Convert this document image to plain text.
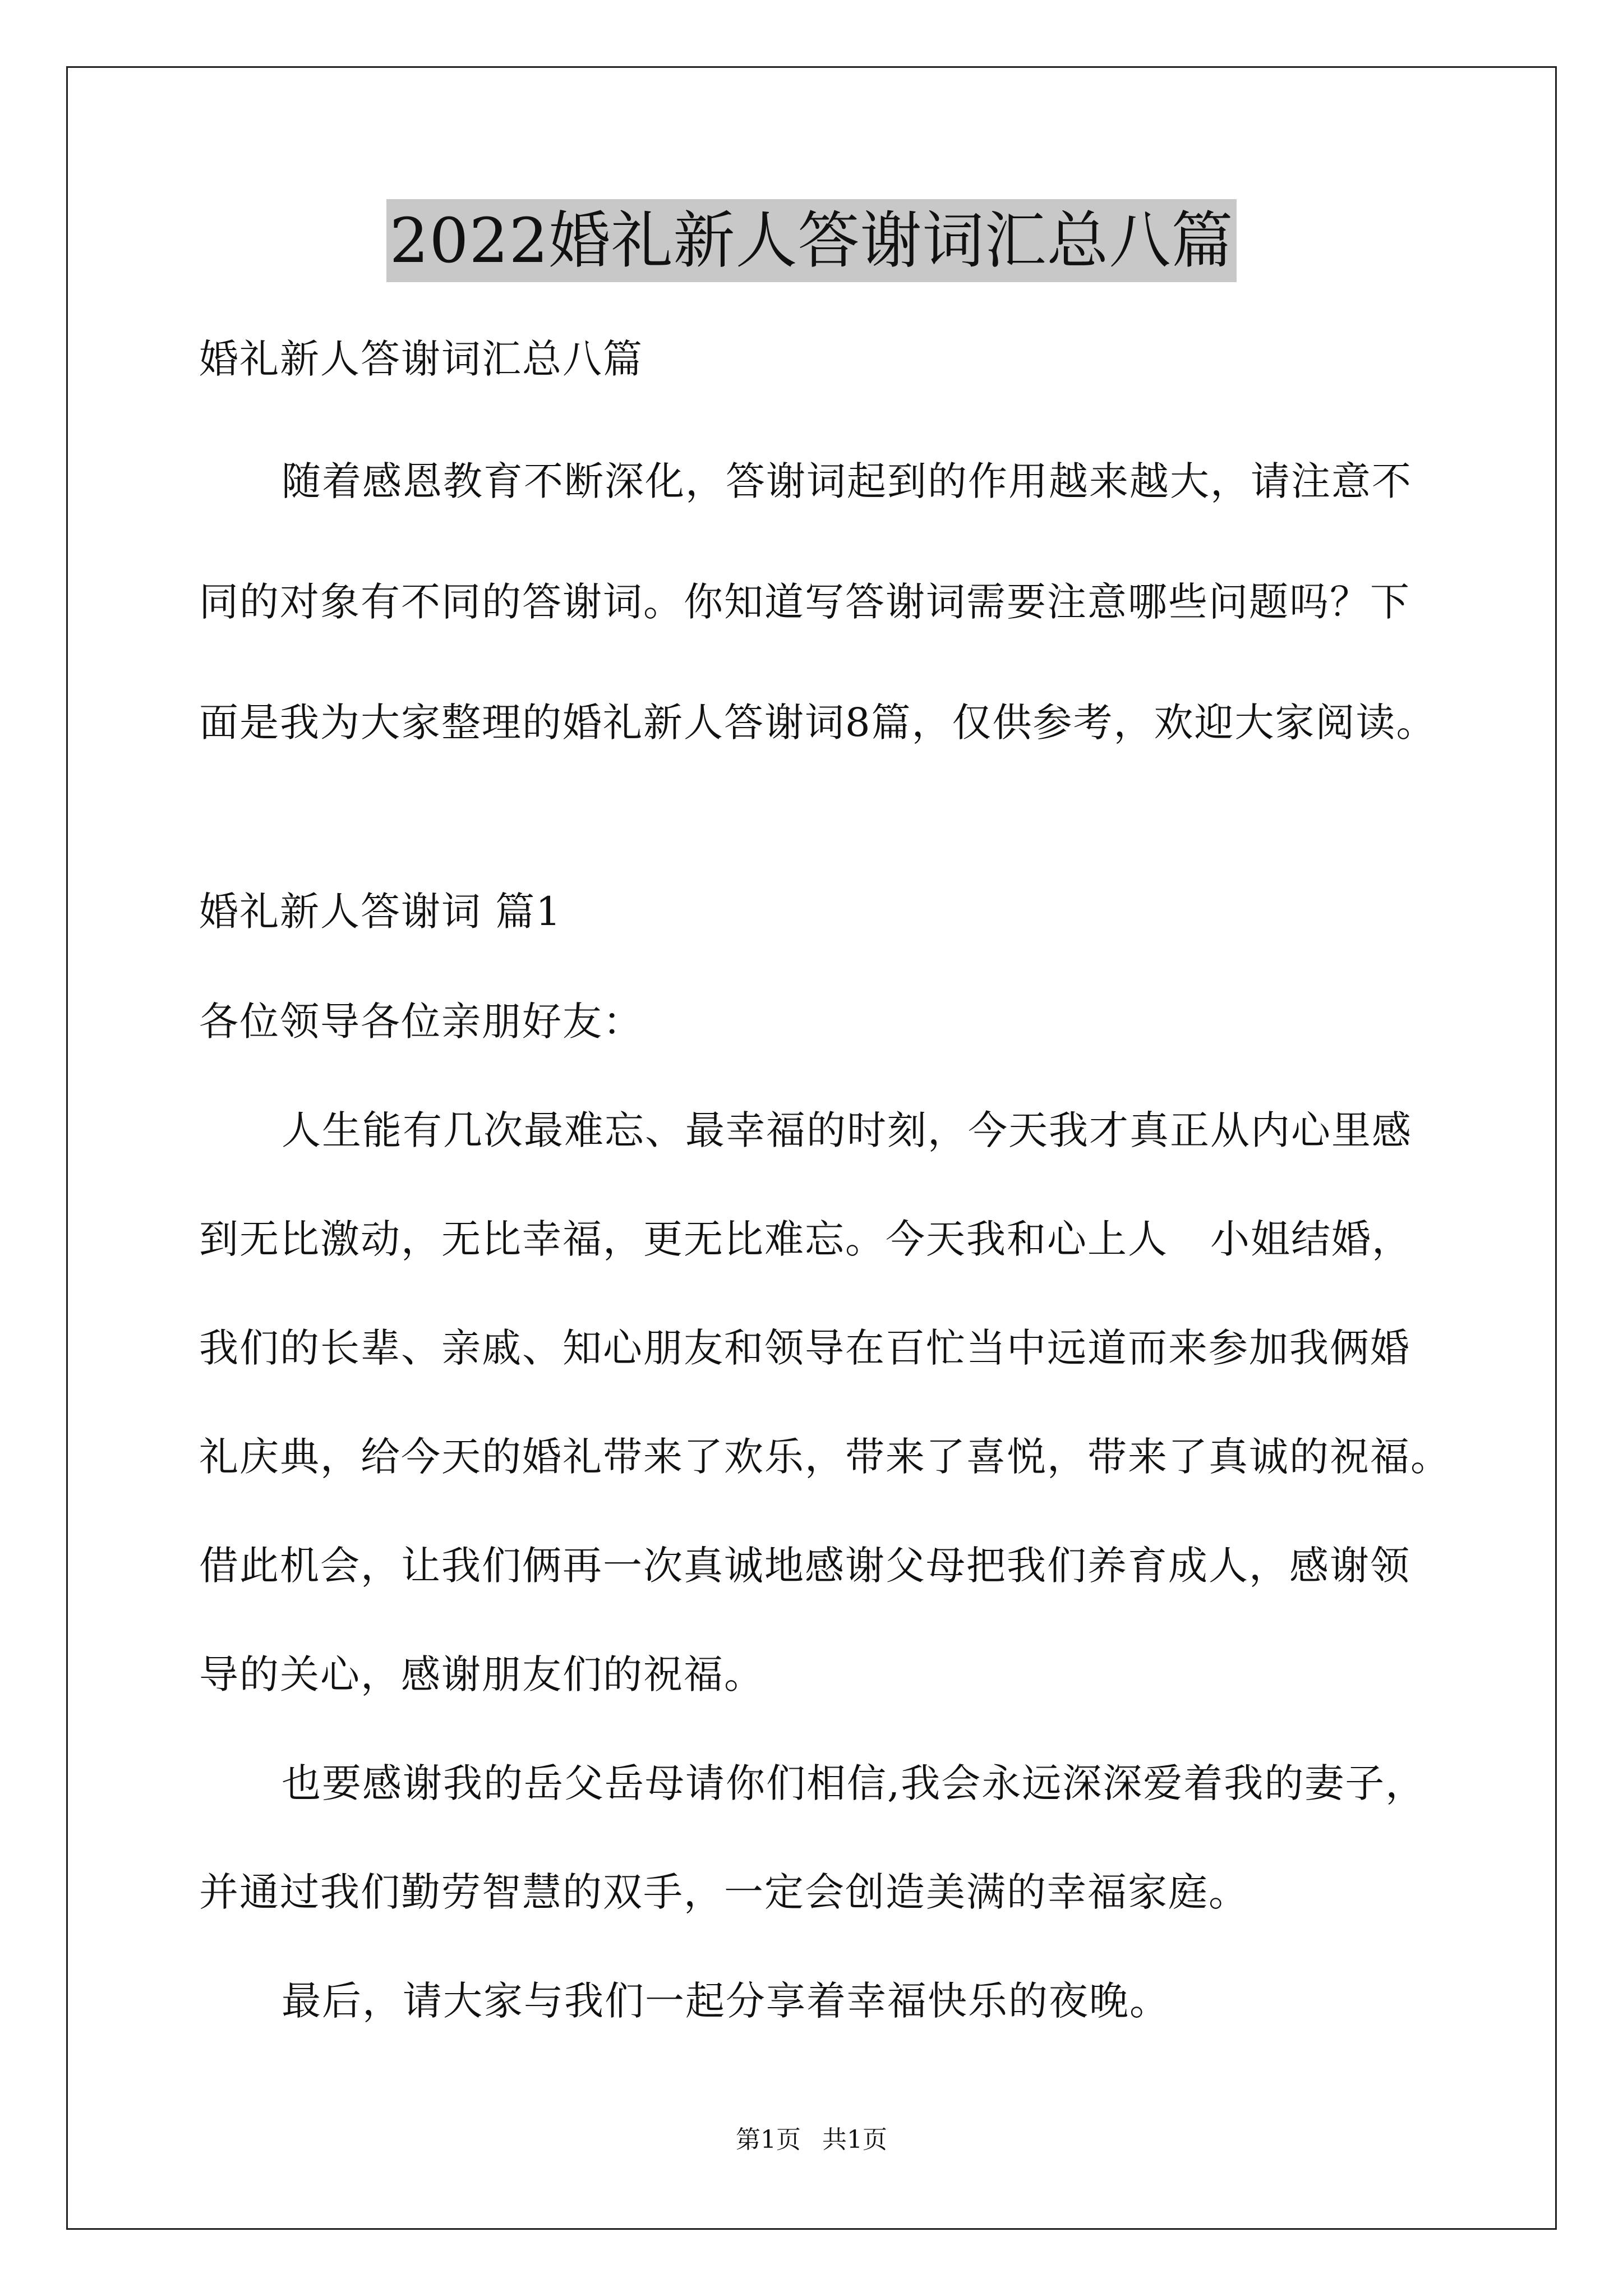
2022婚礼新人答谢词汇总八篇
婚礼新人答谢词汇总八篇
随着感恩教育不断深化，答谢词起到的作用越来越大，请注意不
同的对象有不同的答谢词。你知道写答谢词需要注意哪些问题吗？下
面是我为大家整理的婚礼新人答谢词8篇，仅供参考，欢迎大家阅读。
婚礼新人答谢词 篇1
各位领导各位亲朋好友：
人生能有几次最难忘、最幸福的时刻，今天我才真正从内心里感
到无比激动，无比幸福，更无比难忘。今天我和心上人 小姐结婚，
我们的长辈、亲戚、知心朋友和领导在百忙当中远道而来参加我俩婚
礼庆典，给今天的婚礼带来了欢乐，带来了喜悦，带来了真诚的祝福。
借此机会，让我们俩再一次真诚地感谢父母把我们养育成人，感谢领
导的关心，感谢朋友们的祝福。
也要感谢我的岳父岳母请你们相信,我会永远深深爱着我的妻子，
并通过我们勤劳智慧的双手，一定会创造美满的幸福家庭。
最后，请大家与我们一起分享着幸福快乐的夜晚。
第1页 共1页
